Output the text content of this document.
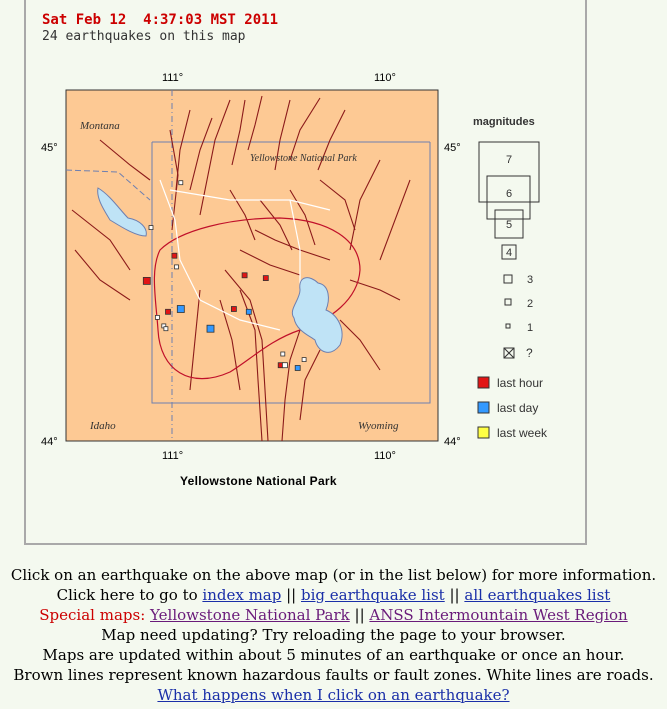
Sat Feb 12  4:37:03 MST 2011
24 earthquakes on this map
111°	110°
111°	110°
45°
44°
45°
44°
Montana
Idaho	Wyoming
Yellowstone National Park
magnitudes
7
6
5
4
3
2
1
?
last hour
last day
last week
Yellowstone National Park
Click on an earthquake on the above map (or in the list below) for more information.
Click here to go to index map || big earthquake list || all earthquakes list
Special maps: Yellowstone National Park || ANSS Intermountain West Region
Map need updating? Try reloading the page to your browser.
Maps are updated within about 5 minutes of an earthquake or once an hour.
Brown lines represent known hazardous faults or fault zones. White lines are roads.
What happens when I click on an earthquake?
